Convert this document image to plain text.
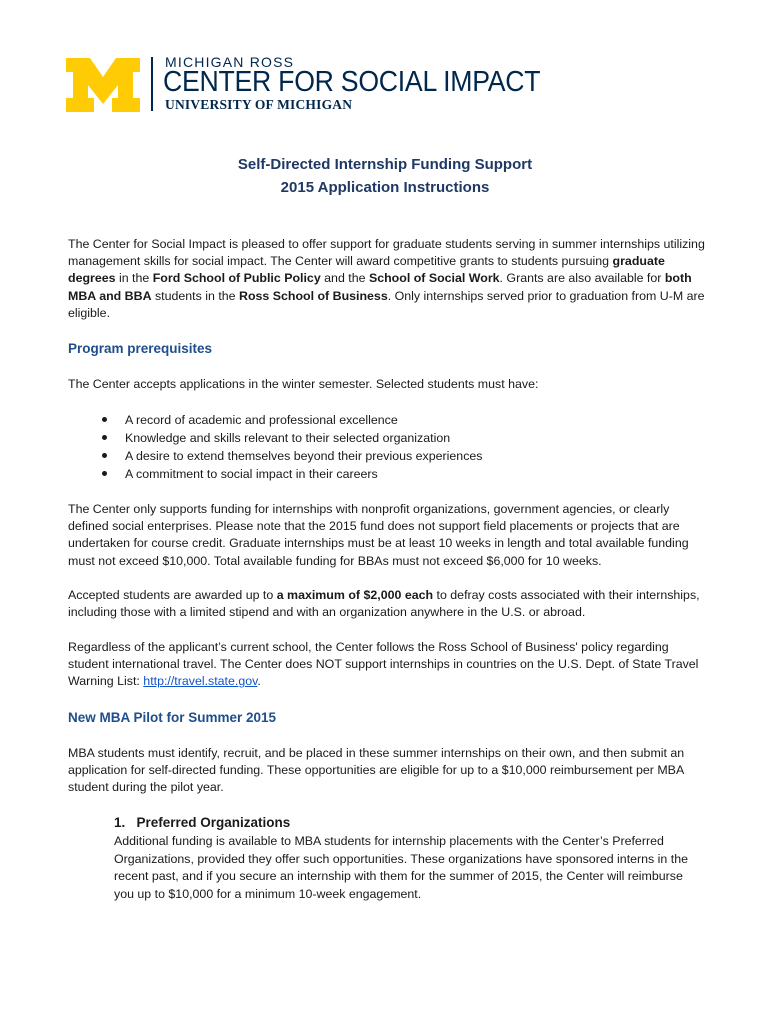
MICHIGAN ROSS
CENTER FOR SOCIAL IMPACT
UNIVERSITY OF MICHIGAN
Self-Directed Internship Funding Support
2015 Application Instructions

The Center for Social Impact is pleased to offer support for graduate students serving in summer internships utilizing management skills for social impact. The Center will award competitive grants to students pursuing graduate degrees in the Ford School of Public Policy and the School of Social Work. Grants are also available for both MBA and BBA students in the Ross School of Business. Only internships served prior to graduation from U-M are eligible.

Program prerequisites

The Center accepts applications in the winter semester. Selected students must have:

A record of academic and professional excellence
Knowledge and skills relevant to their selected organization
A desire to extend themselves beyond their previous experiences
A commitment to social impact in their careers

The Center only supports funding for internships with nonprofit organizations, government agencies, or clearly defined social enterprises. Please note that the 2015 fund does not support field placements or projects that are undertaken for course credit. Graduate internships must be at least 10 weeks in length and total available funding must not exceed $10,000. Total available funding for BBAs must not exceed $6,000 for 10 weeks.

Accepted students are awarded up to a maximum of $2,000 each to defray costs associated with their internships, including those with a limited stipend and with an organization anywhere in the U.S. or abroad.

Regardless of the applicant’s current school, the Center follows the Ross School of Business' policy regarding student international travel. The Center does NOT support internships in countries on the U.S. Dept. of State Travel Warning List: http://travel.state.gov.

New MBA Pilot for Summer 2015

MBA students must identify, recruit, and be placed in these summer internships on their own, and then submit an application for self-directed funding. These opportunities are eligible for up to a $10,000 reimbursement per MBA student during the pilot year.

1.   Preferred Organizations

Additional funding is available to MBA students for internship placements with the Center’s Preferred Organizations, provided they offer such opportunities. These organizations have sponsored interns in the recent past, and if you secure an internship with them for the summer of 2015, the Center will reimburse you up to $10,000 for a minimum 10-week engagement.
